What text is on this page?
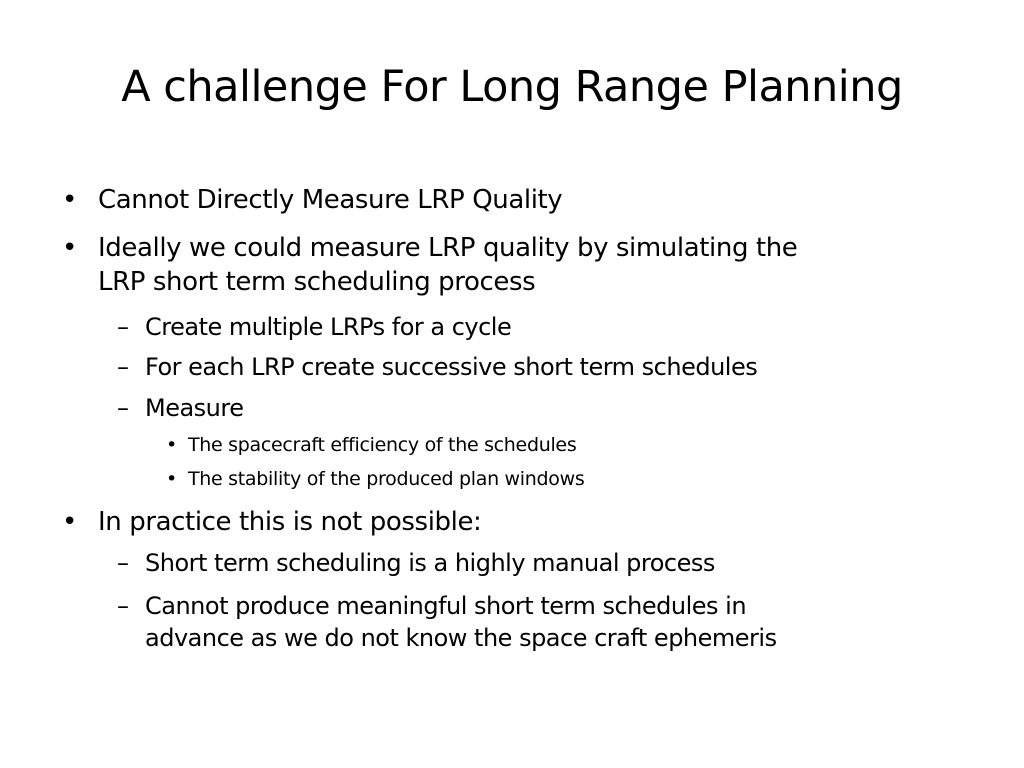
A challenge For Long Range Planning
• Cannot Directly Measure LRP Quality
• Ideally we could measure LRP quality by simulating the
LRP short term scheduling process
– Create multiple LRPs for a cycle
– For each LRP create successive short term schedules
– Measure
• The spacecraft efficiency of the schedules
• The stability of the produced plan windows
• In practice this is not possible:
– Short term scheduling is a highly manual process
– Cannot produce meaningful short term schedules in
advance as we do not know the space craft ephemeris
